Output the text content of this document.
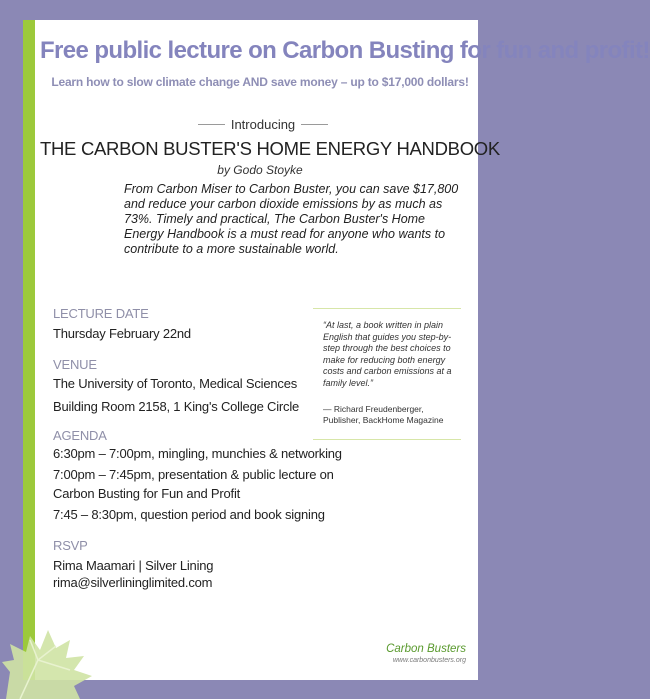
Free public lecture on Carbon Busting for fun and profit!
Learn how to slow climate change AND save money – up to $17,000 dollars!
Introducing
THE CARBON BUSTER'S HOME ENERGY HANDBOOK
by Godo Stoyke
From Carbon Miser to Carbon Buster, you can save $17,800 and reduce your carbon dioxide emissions by as much as 73%. Timely and practical, The Carbon Buster's Home Energy Handbook is a must read for anyone who wants to contribute to a more sustainable world.
LECTURE DATE
Thursday February 22nd
VENUE
The University of Toronto, Medical Sciences
Building Room 2158, 1 King's College Circle
AGENDA
6:30pm – 7:00pm, mingling, munchies & networking
7:00pm – 7:45pm, presentation & public lecture on
Carbon Busting for Fun and Profit
7:45 – 8:30pm, question period and book signing
RSVP
Rima Maamari | Silver Lining
rima@silverlininglimited.com
“At last, a book written in plain English that guides you step-by-step through the best choices to make for reducing both energy costs and carbon emissions at a family level.”
— Richard Freudenberger, Publisher, BackHome Magazine
Carbon Busters
www.carbonbusters.org
